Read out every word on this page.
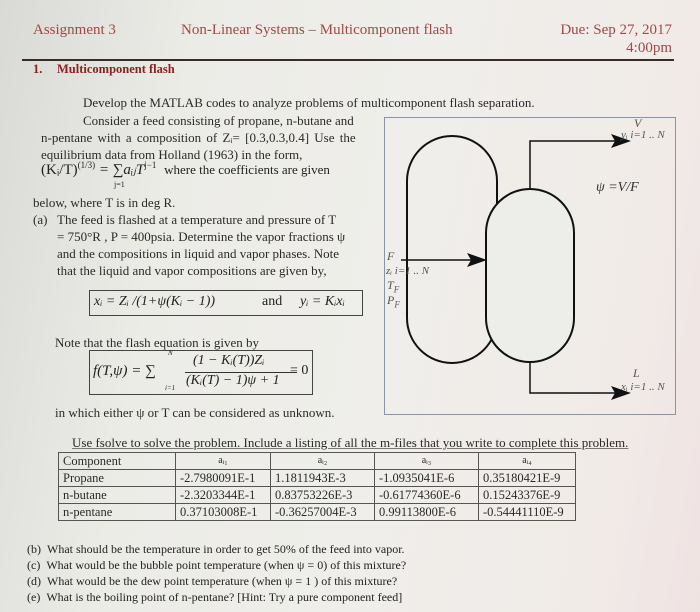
Assignment 3	Non-Linear Systems – Multicomponent flash	Due: Sep 27, 2017
4:00pm
1. Multicomponent flash
Develop the MATLAB codes to analyze problems of multicomponent flash separation.
Consider a feed consisting of propane, n-butane and
n-pentane with a composition of Zᵢ= [0.3,0.3,0.4] Use the
equilibrium data from Holland (1963) in the form,
(Kᵢ/T)$^{(1/3)}$ = ∑aᵢⱼT$^{j-1}$ where the coefficients are given
j=1
below, where T is in deg R.
(a) The feed is flashed at a temperature and pressure of T
= 750°R , P = 400psia. Determine the vapor fractions ψ
and the compositions in liquid and vapor phases. Note
that the liquid and vapor compositions are given by,
xᵢ = Zᵢ /(1+ψ(Kᵢ − 1))	and yᵢ = Kᵢxᵢ
Note that the flash equation is given by
f(T,ψ) = ∑
N
i=1
(1 − Kᵢ(T))Zᵢ
(Kᵢ(T) − 1)ψ + 1
= 0
in which either ψ or T can be considered as unknown.
V
yᵢ i=1 .. N
ψ =V/F
F
zᵢ i=1 .. N
$T_F$
$P_F$
L
xᵢ i=1 .. N
Use fsolve to solve the problem. Include a listing of all the m-files that you write to complete this problem.
Component	aᵢ₁	aᵢ₂	aᵢ₃	aᵢ₄
Propane	-2.7980091E-1	1.1811943E-3	-1.0935041E-6	0.35180421E-9
n-butane	-2.3203344E-1	0.83753226E-3	-0.61774360E-6	0.15243376E-9
n-pentane	0.37103008E-1	-0.36257004E-3	0.99113800E-6	-0.54441110E-9
(b) What should be the temperature in order to get 50% of the feed into vapor.
(c) What would be the bubble point temperature (when ψ = 0) of this mixture?
(d) What would be the dew point temperature (when ψ = 1 ) of this mixture?
(e) What is the boiling point of n-pentane? [Hint: Try a pure component feed]
